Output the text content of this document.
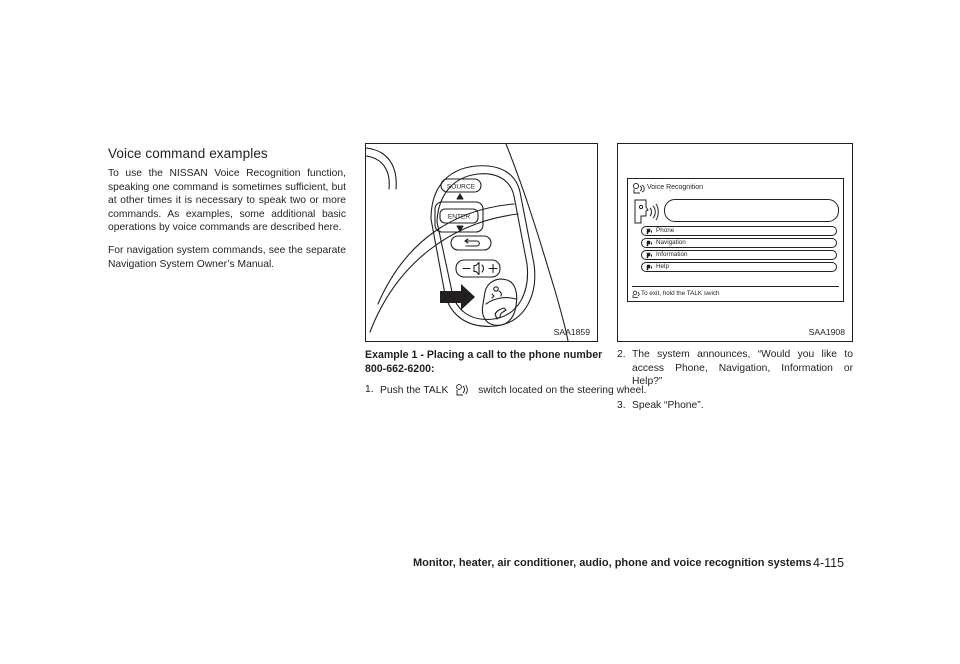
Voice command examples
To use the NISSAN Voice Recognition function, speaking one command is sometimes sufficient, but at other times it is necessary to speak two or more commands. As examples, some additional basic operations by voice commands are described here.
For navigation system commands, see the separate Navigation System Owner’s Manual.
SOURCE
ENTER
SAA1859
Voice Recognition
Phone
Navigation
Information
Help
To exit, hold the TALK swich
SAA1908
Example 1 - Placing a call to the phone number 800-662-6200:
1. Push the TALK	switch located on the steering wheel.
2. The system announces, “Would you like to access Phone, Navigation, Information or Help?”
3. Speak “Phone”.
Monitor, heater, air conditioner, audio, phone and voice recognition systems 4-115
